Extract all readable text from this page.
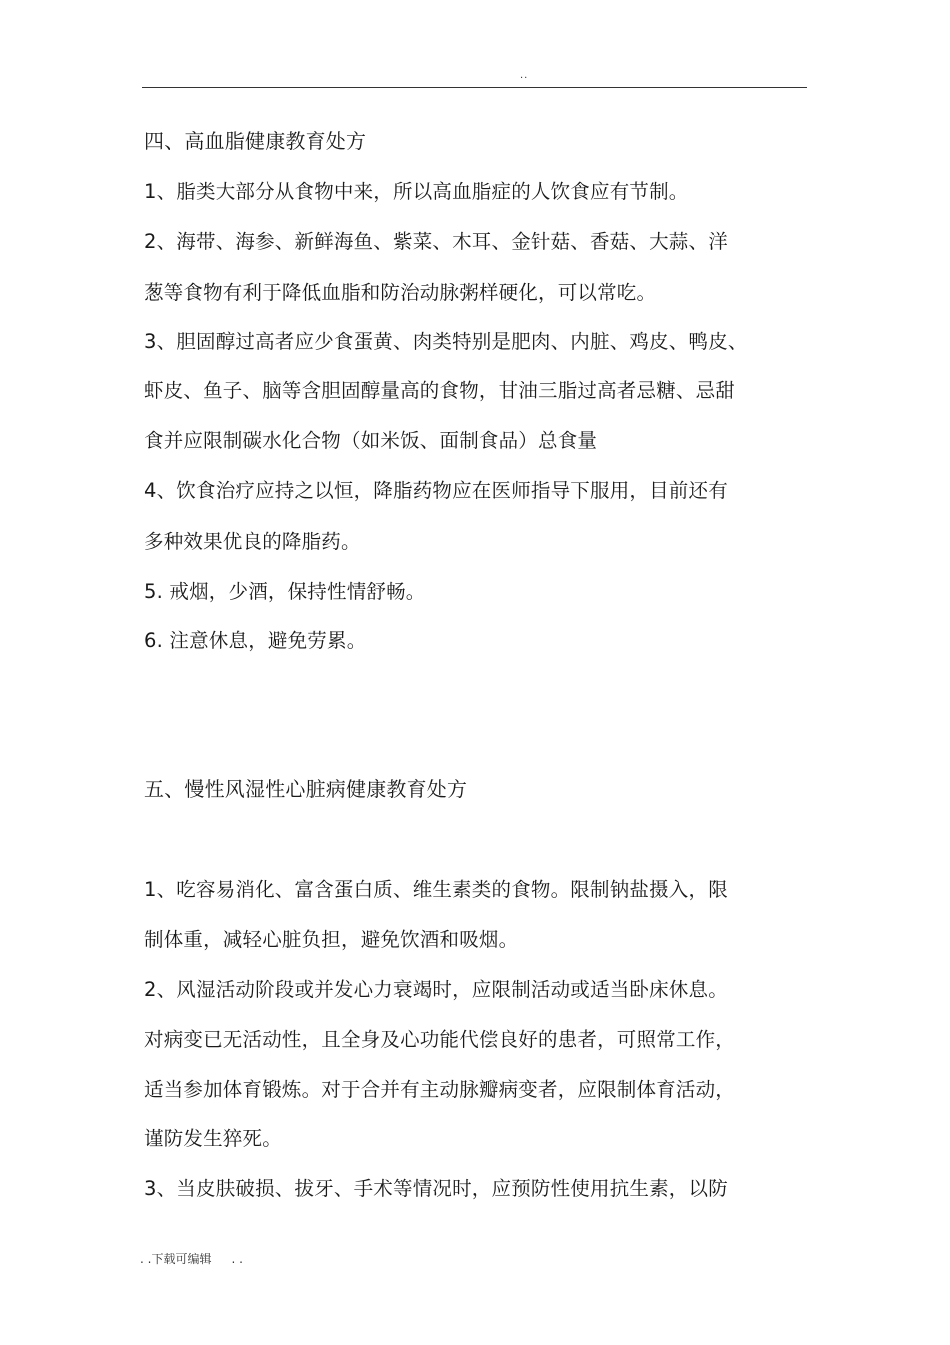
..
四、高血脂健康教育处方
1、脂类大部分从食物中来，所以高血脂症的人饮食应有节制。
2、海带、海参、新鲜海鱼、紫菜、木耳、金针菇、香菇、大蒜、洋
葱等食物有利于降低血脂和防治动脉粥样硬化，可以常吃。
3、胆固醇过高者应少食蛋黄、肉类特别是肥肉、内脏、鸡皮、鸭皮、
虾皮、鱼子、脑等含胆固醇量高的食物，甘油三脂过高者忌糖、忌甜
食并应限制碳水化合物（如米饭、面制食品）总食量
4、饮食治疗应持之以恒，降脂药物应在医师指导下服用，目前还有
多种效果优良的降脂药。
5. 戒烟，少酒，保持性情舒畅。
6. 注意休息，避免劳累。
五、慢性风湿性心脏病健康教育处方
1、吃容易消化、富含蛋白质、维生素类的食物。限制钠盐摄入，限
制体重，减轻心脏负担，避免饮酒和吸烟。
2、风湿活动阶段或并发心力衰竭时，应限制活动或适当卧床休息。
对病变已无活动性，且全身及心功能代偿良好的患者，可照常工作，
适当参加体育锻炼。对于合并有主动脉瓣病变者，应限制体育活动，
谨防发生猝死。
3、当皮肤破损、拔牙、手术等情况时，应预防性使用抗生素，以防
. .下载可编辑 . .
